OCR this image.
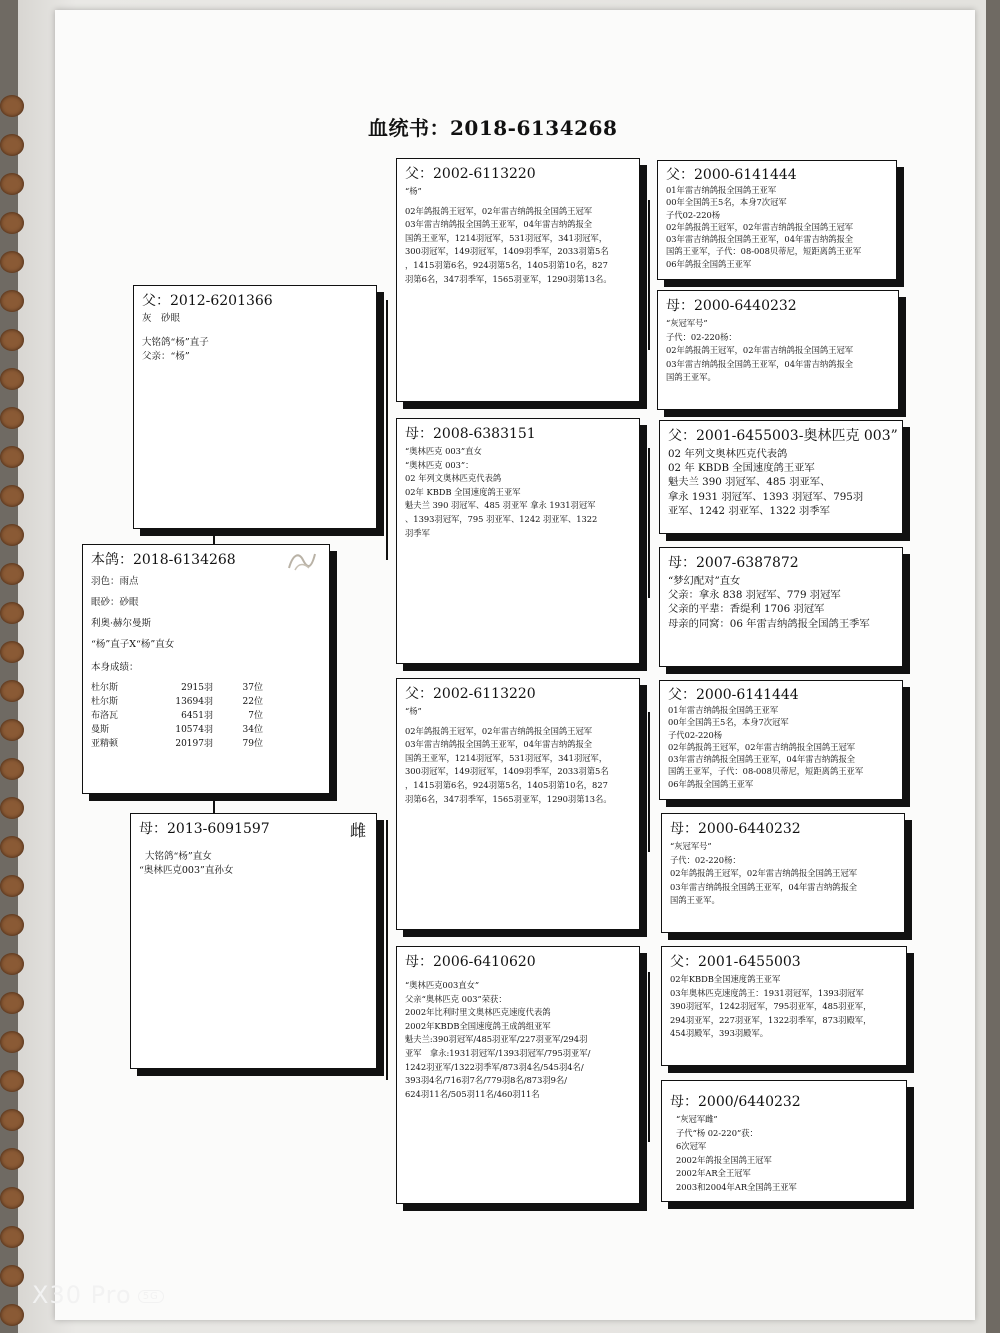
血统书：2018-6134268
本鸽：2018-6134268
羽色：雨点
眼砂：砂眼
利奥·赫尔曼斯
“杨”直子X“杨”直女
本身成绩：
杜尔斯	2915羽	37位
杜尔斯	13694羽	22位
布洛瓦	6451羽	7位
曼斯	10574羽	34位
亚精顿	20197羽	79位
父：2012-6201366
灰　砂眼
大铭鸽“杨”直子
父亲：“杨”
母：2013-6091597	雌
大铭鸽“杨”直女
“奥林匹克003”直孙女
父：2002-6113220
“杨”
02年鸽报鸽王冠军，02年雷吉纳鸽报全国鸽王冠军
03年雷吉纳鸽报全国鸽王亚军，04年雷吉纳鸽报全
国鸽王亚军，1214羽冠军，531羽冠军，341羽冠军，
300羽冠军，149羽冠军，1409羽季军，2033羽第5名
，1415羽第6名，924羽第5名，1405羽第10名，827
羽第6名，347羽季军，1565羽亚军，1290羽第13名。
母：2008-6383151
“奥林匹克 003”直女
“奥林匹克 003”：
02 年列文奥林匹克代表鸽
02年 KBDB 全国速度鸽王亚军
魁夫兰 390 羽冠军、485 羽亚军 拿永 1931羽冠军
、1393羽冠军，795 羽亚军、1242 羽亚军、1322
羽季军
父：2002-6113220
“杨”
02年鸽报鸽王冠军，02年雷吉纳鸽报全国鸽王冠军
03年雷吉纳鸽报全国鸽王亚军，04年雷吉纳鸽报全
国鸽王亚军，1214羽冠军，531羽冠军，341羽冠军，
300羽冠军，149羽冠军，1409羽季军，2033羽第5名
，1415羽第6名，924羽第5名，1405羽第10名，827
羽第6名，347羽季军，1565羽亚军，1290羽第13名。
母：2006-6410620
“奥林匹克003直女”
父亲“奥林匹克 003”荣获：
2002年比利时里文奥林匹克速度代表鸽
2002年KBDB全国速度鸽王成鸽组亚军
魁夫兰:390羽冠军/485羽亚军/227羽亚军/294羽
亚军　拿永:1931羽冠军/1393羽冠军/795羽亚军/
1242羽亚军/1322羽季军/873羽4名/545羽4名/
393羽4名/716羽7名/779羽8名/873羽9名/
624羽11名/505羽11名/460羽11名
父：2000-6141444
01年雷吉纳鸽报全国鸽王亚军
00年全国鸽王5名，本身7次冠军
子代02-220杨
02年鸽报鸽王冠军，02年雷吉纳鸽报全国鸽王冠军
03年雷吉纳鸽报全国鸽王亚军，04年雷吉纳鸽报全
国鸽王亚军，子代：08-008贝蒂尼，短距离鸽王亚军
06年鸽报全国鸽王亚军
母：2000-6440232
“灰冠军号”
子代：02-220杨：
02年鸽报鸽王冠军，02年雷吉纳鸽报全国鸽王冠军
03年雷吉纳鸽报全国鸽王亚军，04年雷吉纳鸽报全
国鸽王亚军。
父：2001-6455003-奥林匹克 003”
02 年列文奥林匹克代表鸽
02 年 KBDB 全国速度鸽王亚军
魁夫兰 390 羽冠军、485 羽亚军、
拿永 1931 羽冠军、1393 羽冠军、795羽
亚军、1242 羽亚军、1322 羽季军
母：2007-6387872
“梦幻配对”直女
父亲：拿永 838 羽冠军、779 羽冠军
父亲的平辈：香缇利 1706 羽冠军
母亲的同窝：06 年雷吉纳鸽报全国鸽王季军
父：2000-6141444
01年雷吉纳鸽报全国鸽王亚军
00年全国鸽王5名，本身7次冠军
子代02-220杨
02年鸽报鸽王冠军，02年雷吉纳鸽报全国鸽王冠军
03年雷吉纳鸽报全国鸽王亚军，04年雷吉纳鸽报全
国鸽王亚军，子代：08-008贝蒂尼，短距离鸽王亚军
06年鸽报全国鸽王亚军
母：2000-6440232
“灰冠军号”
子代：02-220杨：
02年鸽报鸽王冠军，02年雷吉纳鸽报全国鸽王冠军
03年雷吉纳鸽报全国鸽王亚军，04年雷吉纳鸽报全
国鸽王亚军。
父：2001-6455003
02年KBDB全国速度鸽王亚军
03年奥林匹克速度鸽王：1931羽冠军，1393羽冠军
390羽冠军，1242羽冠军，795羽亚军，485羽亚军，
294羽亚军，227羽亚军，1322羽季军，873羽殿军，
454羽殿军，393羽殿军。
母：2000/6440232
“灰冠军雌”
子代“杨 02-220”获：
6次冠军
2002年鸽报全国鸽王冠军
2002年AR全王冠军
2003和2004年AR全国鸽王亚军
X30 Pro 5G
